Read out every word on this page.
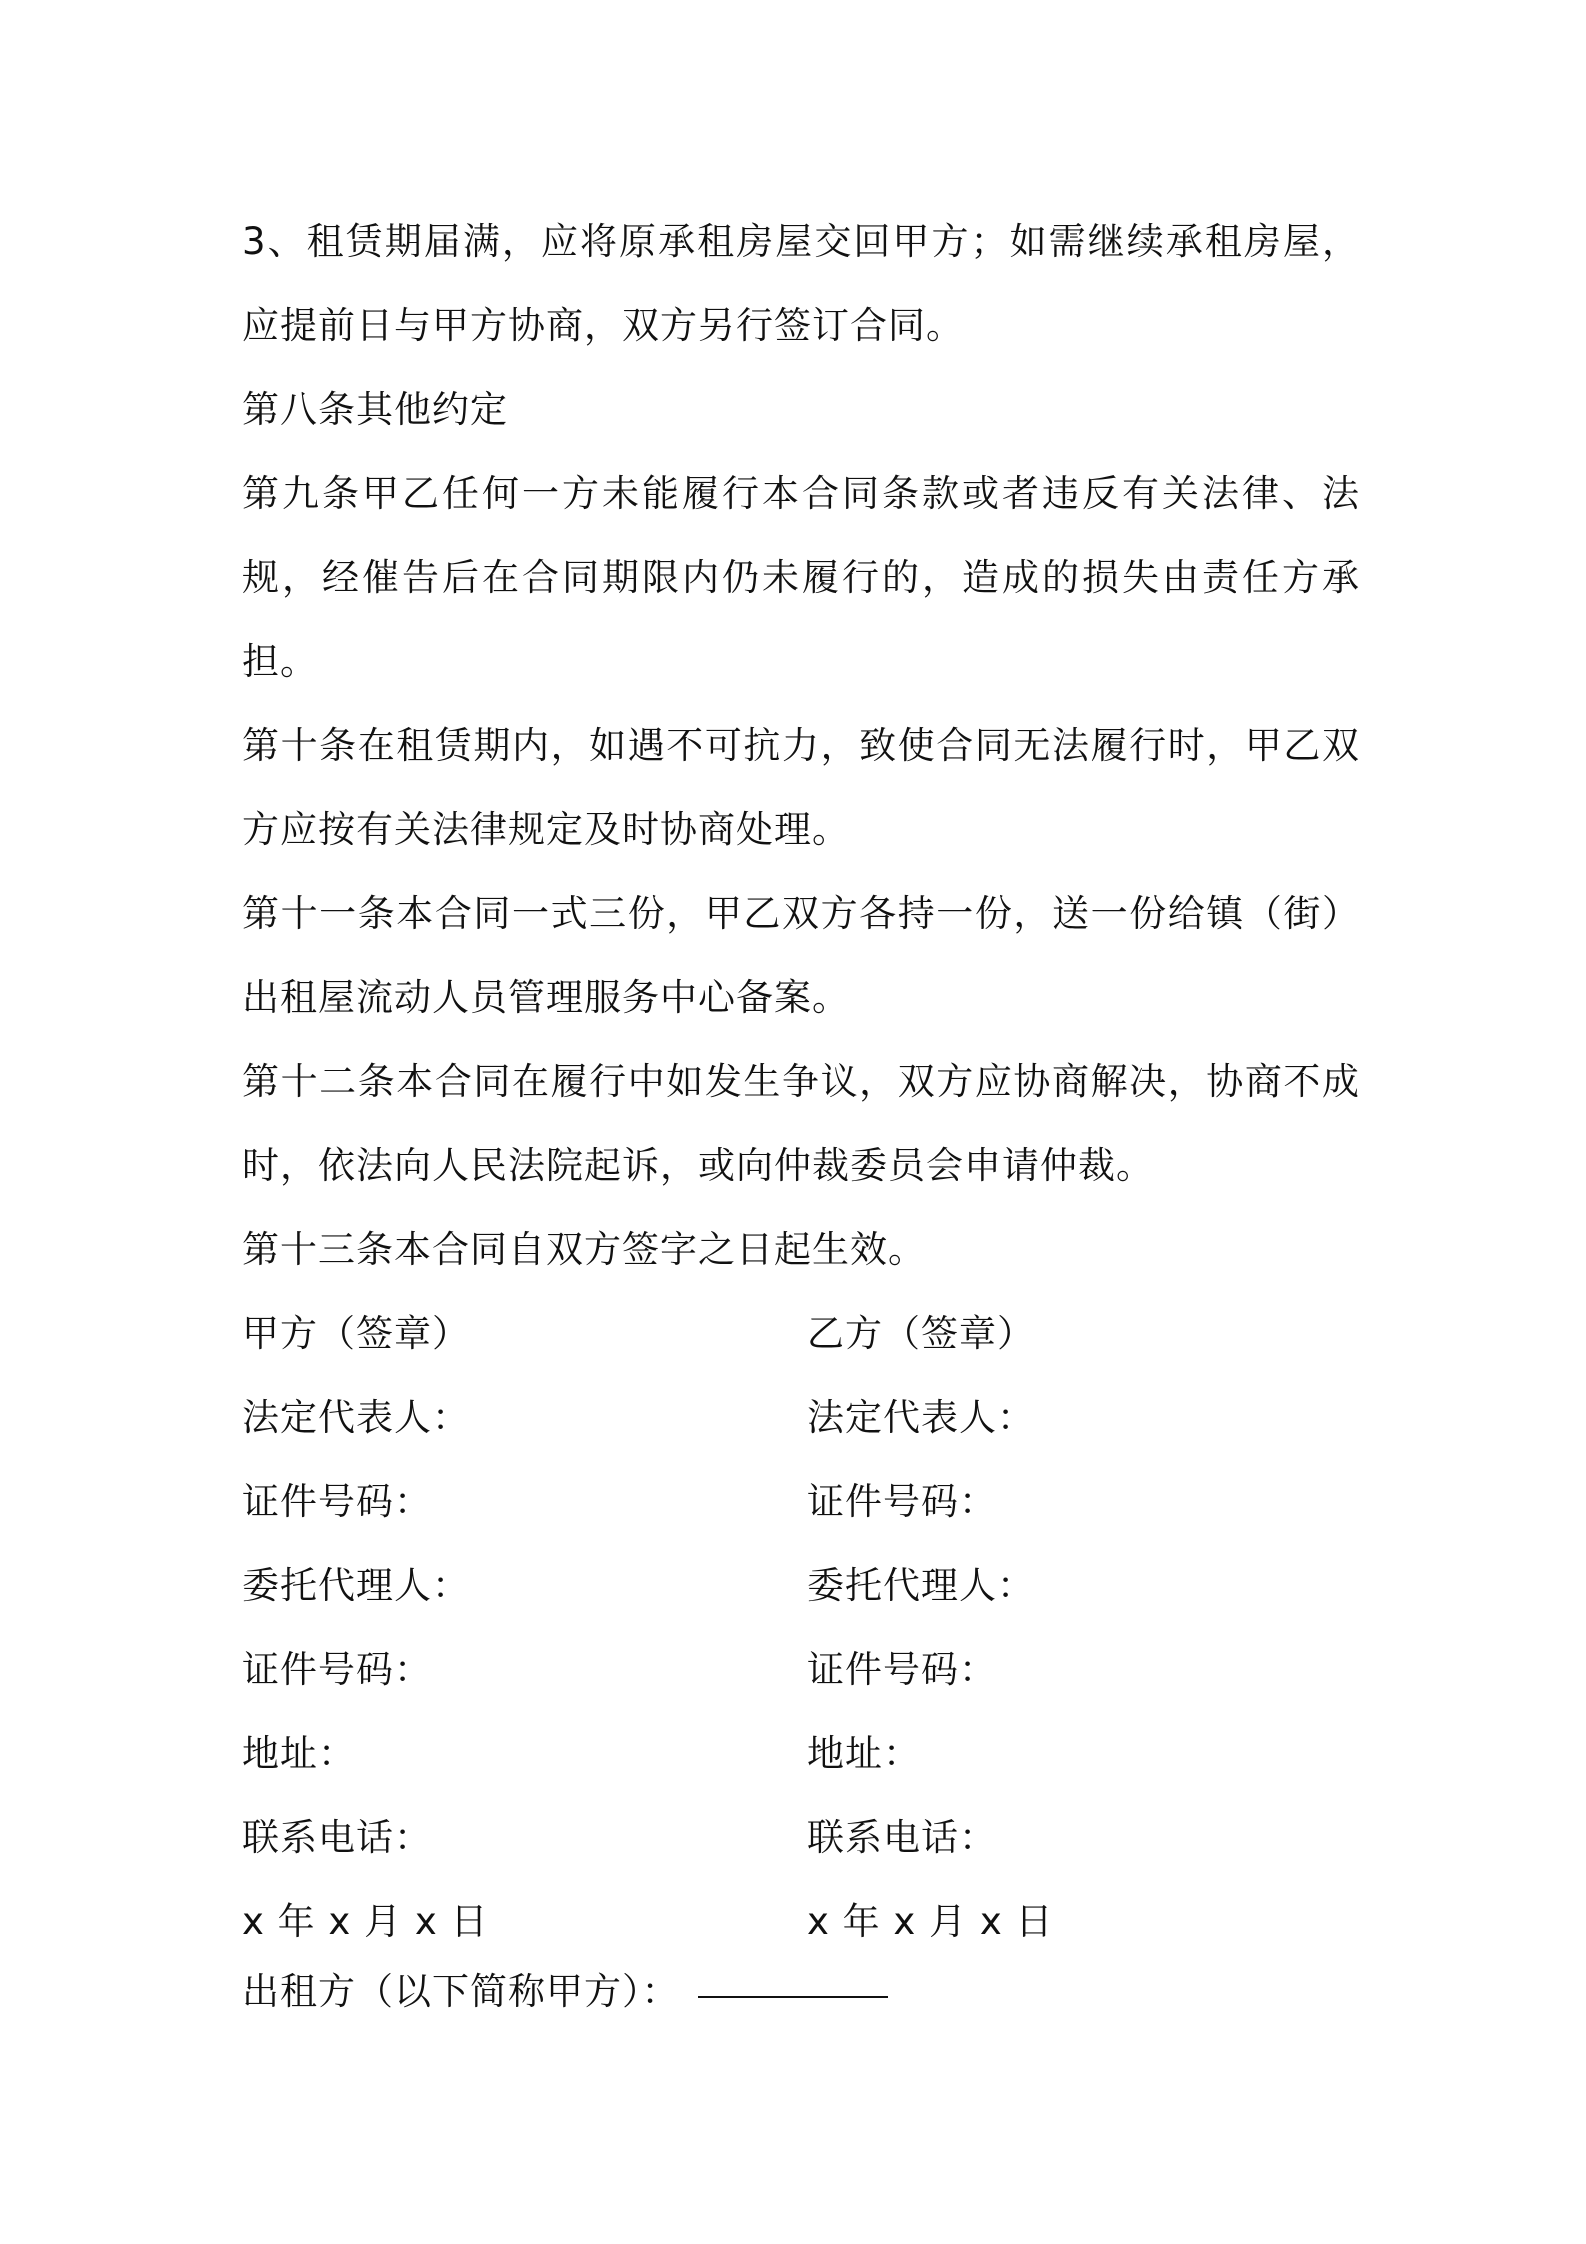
3、租赁期届满，应将原承租房屋交回甲方；如需继续承租房屋，应提前日与甲方协商，双方另行签订合同。

第八条其他约定

第九条甲乙任何一方未能履行本合同条款或者违反有关法律、法规，经催告后在合同期限内仍未履行的，造成的损失由责任方承担。

第十条在租赁期内，如遇不可抗力，致使合同无法履行时，甲乙双方应按有关法律规定及时协商处理。

第十一条本合同一式三份，甲乙双方各持一份，送一份给镇（街）出租屋流动人员管理服务中心备案。

第十二条本合同在履行中如发生争议，双方应协商解决，协商不成时，依法向人民法院起诉，或向仲裁委员会申请仲裁。

第十三条本合同自双方签字之日起生效。

甲方（签章）	乙方（签章）
法定代表人：	法定代表人：
证件号码：	证件号码：
委托代理人：	委托代理人：
证件号码：	证件号码：
地址：	地址：
联系电话：	联系电话：
x 年 x 月 x 日	x 年 x 月 x 日
出租方（以下简称甲方）：
